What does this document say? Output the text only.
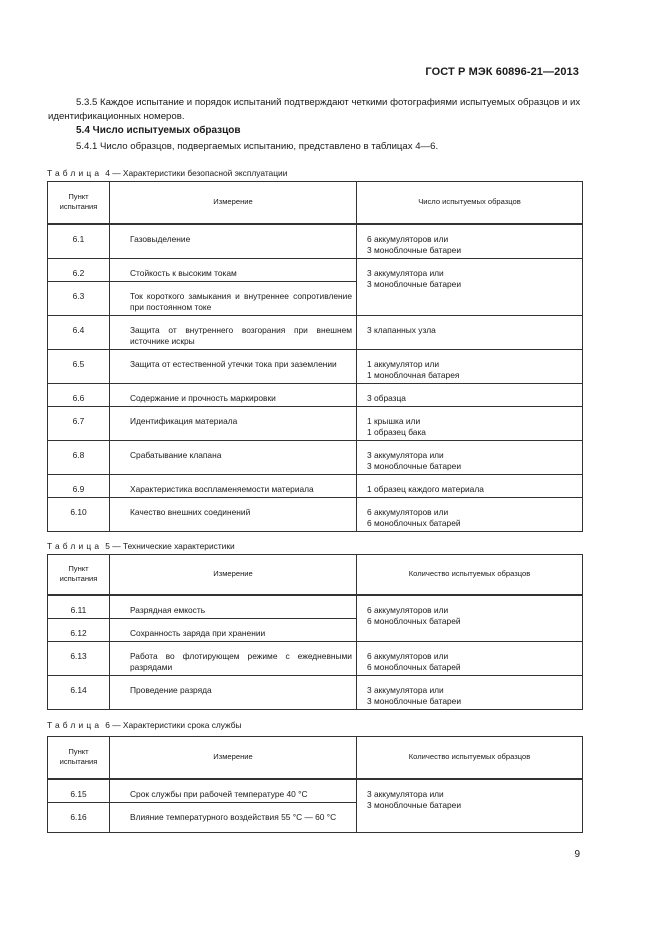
ГОСТ Р МЭК 60896-21—2013
5.3.5 Каждое испытание и порядок испытаний подтверждают четкими фотографиями испытуемых образцов и их идентификационных номеров.
5.4 Число испытуемых образцов
5.4.1 Число образцов, подвергаемых испытанию, представлено в таблицах 4—6.
Таблица 4 — Характеристики безопасной эксплуатации
Пункт испытания	Измерение	Число испытуемых образцов
6.1	Газовыделение	6 аккумуляторов или
3 моноблочные батареи
6.2	Стойкость к высоким токам	3 аккумулятора или
3 моноблочные батареи
6.3	Ток короткого замыкания и внутреннее сопротивление при постоянном токе	
6.4	Защита от внутреннего возгорания при внешнем источнике искры	3 клапанных узла
6.5	Защита от естественной утечки тока при заземлении	1 аккумулятор или
1 моноблочная батарея
6.6	Содержание и прочность маркировки	3 образца
6.7	Идентификация материала	1 крышка или
1 образец бака
6.8	Срабатывание клапана	3 аккумулятора или
3 моноблочные батареи
6.9	Характеристика воспламеняемости материала	1 образец каждого материала
6.10	Качество внешних соединений	6 аккумуляторов или
6 моноблочных батарей
Таблица 5 — Технические характеристики
Пункт испытания	Измерение	Количество испытуемых образцов
6.11	Разрядная емкость	6 аккумуляторов или
6 моноблочных батарей
6.12	Сохранность заряда при хранении	
6.13	Работа во флотирующем режиме с ежедневными разрядами	6 аккумуляторов или
6 моноблочных батарей
6.14	Проведение разряда	3 аккумулятора или
3 моноблочные батареи
Таблица 6 — Характеристики срока службы
Пункт испытания	Измерение	Количество испытуемых образцов
6.15	Срок службы при рабочей температуре 40 °С	3 аккумулятора или
3 моноблочные батареи
6.16	Влияние температурного воздействия 55 °С — 60 °С	
9
